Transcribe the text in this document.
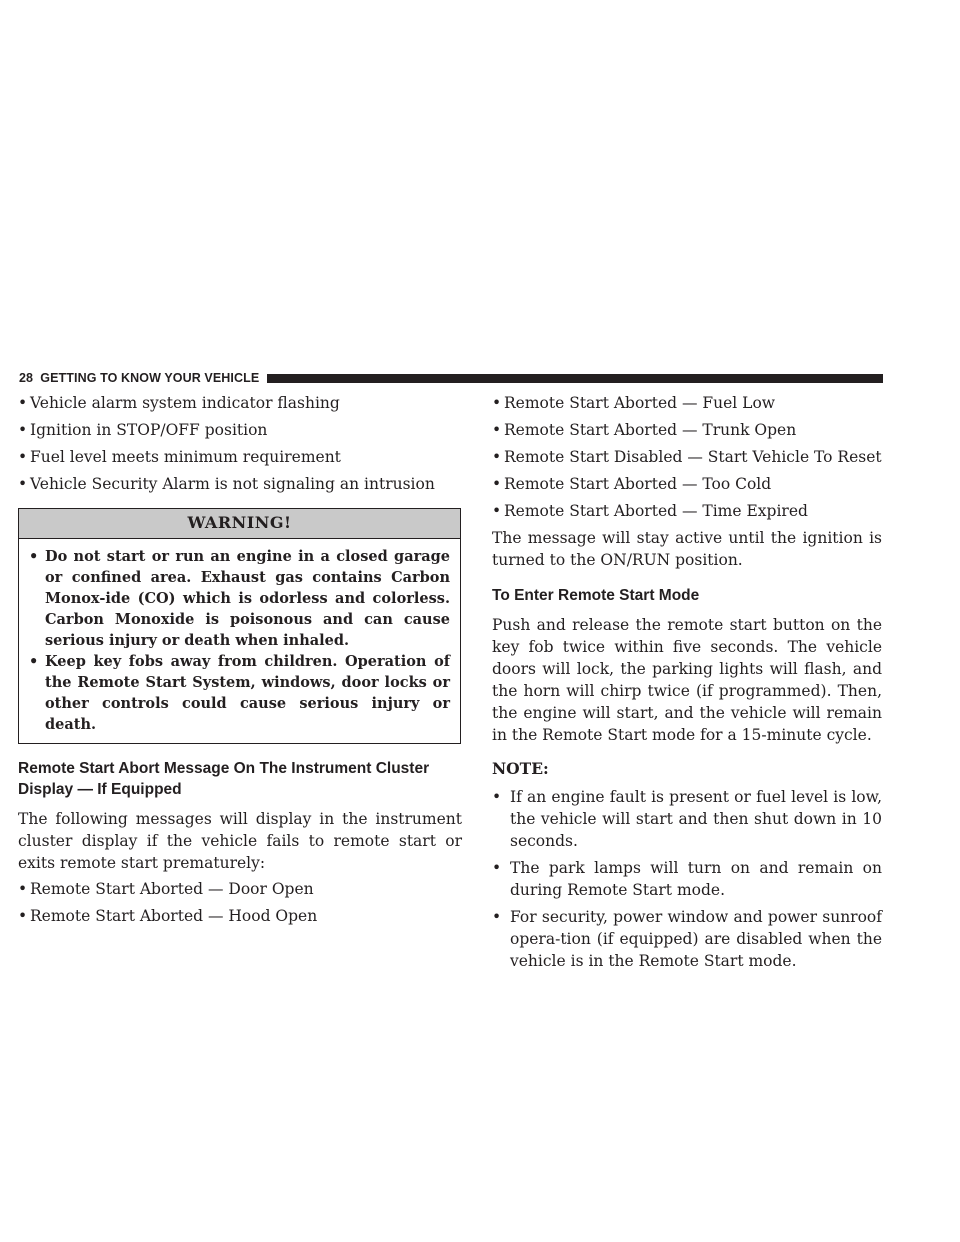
28 GETTING TO KNOW YOUR VEHICLE
• Vehicle alarm system indicator flashing
• Ignition in STOP/OFF position
• Fuel level meets minimum requirement
• Vehicle Security Alarm is not signaling an intrusion
WARNING!
• Do not start or run an engine in a closed garage or confined area. Exhaust gas contains Carbon Monox-ide (CO) which is odorless and colorless. Carbon Monoxide is poisonous and can cause serious injury or death when inhaled.
• Keep key fobs away from children. Operation of the Remote Start System, windows, door locks or other controls could cause serious injury or death.
Remote Start Abort Message On The Instrument Cluster Display — If Equipped

The following messages will display in the instrument cluster display if the vehicle fails to remote start or exits remote start prematurely:

• Remote Start Aborted — Door Open
• Remote Start Aborted — Hood Open
• Remote Start Aborted — Fuel Low
• Remote Start Aborted — Trunk Open
• Remote Start Disabled — Start Vehicle To Reset
• Remote Start Aborted — Too Cold
• Remote Start Aborted — Time Expired

The message will stay active until the ignition is turned to the ON/RUN position.

To Enter Remote Start Mode

Push and release the remote start button on the key fob twice within five seconds. The vehicle doors will lock, the parking lights will flash, and the horn will chirp twice (if programmed). Then, the engine will start, and the vehicle will remain in the Remote Start mode for a 15-minute cycle.

NOTE:
• If an engine fault is present or fuel level is low, the vehicle will start and then shut down in 10 seconds.
• The park lamps will turn on and remain on during Remote Start mode.
• For security, power window and power sunroof opera-tion (if equipped) are disabled when the vehicle is in the Remote Start mode.
